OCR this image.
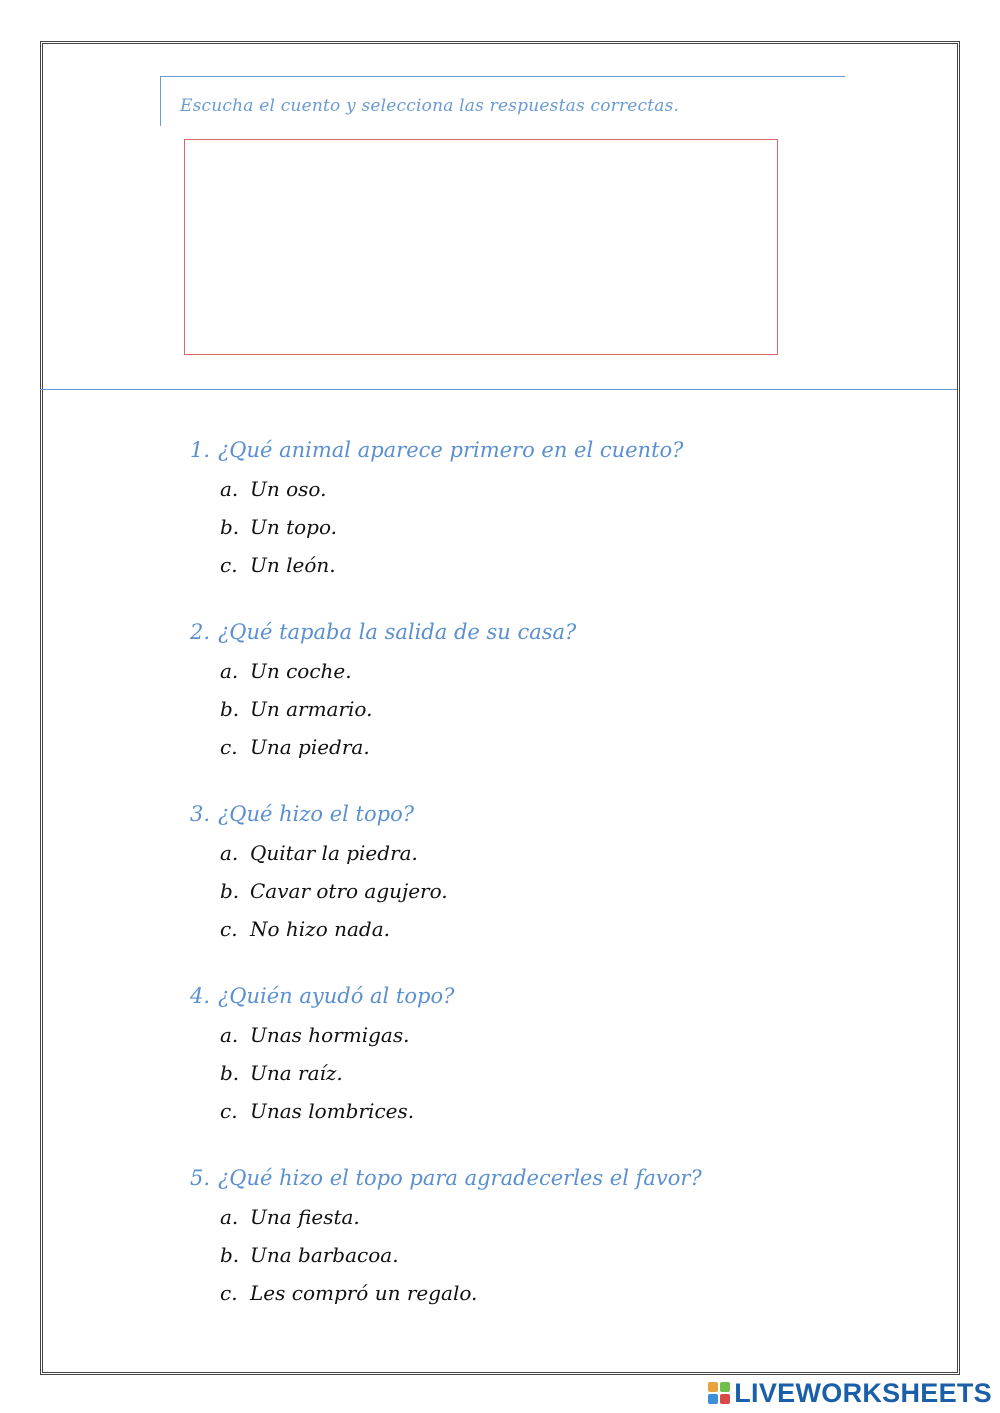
Escucha el cuento y selecciona las respuestas correctas.
1. ¿Qué animal aparece primero en el cuento?
a. Un oso.
b. Un topo.
c. Un león.
2. ¿Qué tapaba la salida de su casa?
a. Un coche.
b. Un armario.
c. Una piedra.
3. ¿Qué hizo el topo?
a. Quitar la piedra.
b. Cavar otro agujero.
c. No hizo nada.
4. ¿Quién ayudó al topo?
a. Unas hormigas.
b. Una raíz.
c. Unas lombrices.
5. ¿Qué hizo el topo para agradecerles el favor?
a. Una fiesta.
b. Una barbacoa.
c. Les compró un regalo.
LIVEWORKSHEETS
